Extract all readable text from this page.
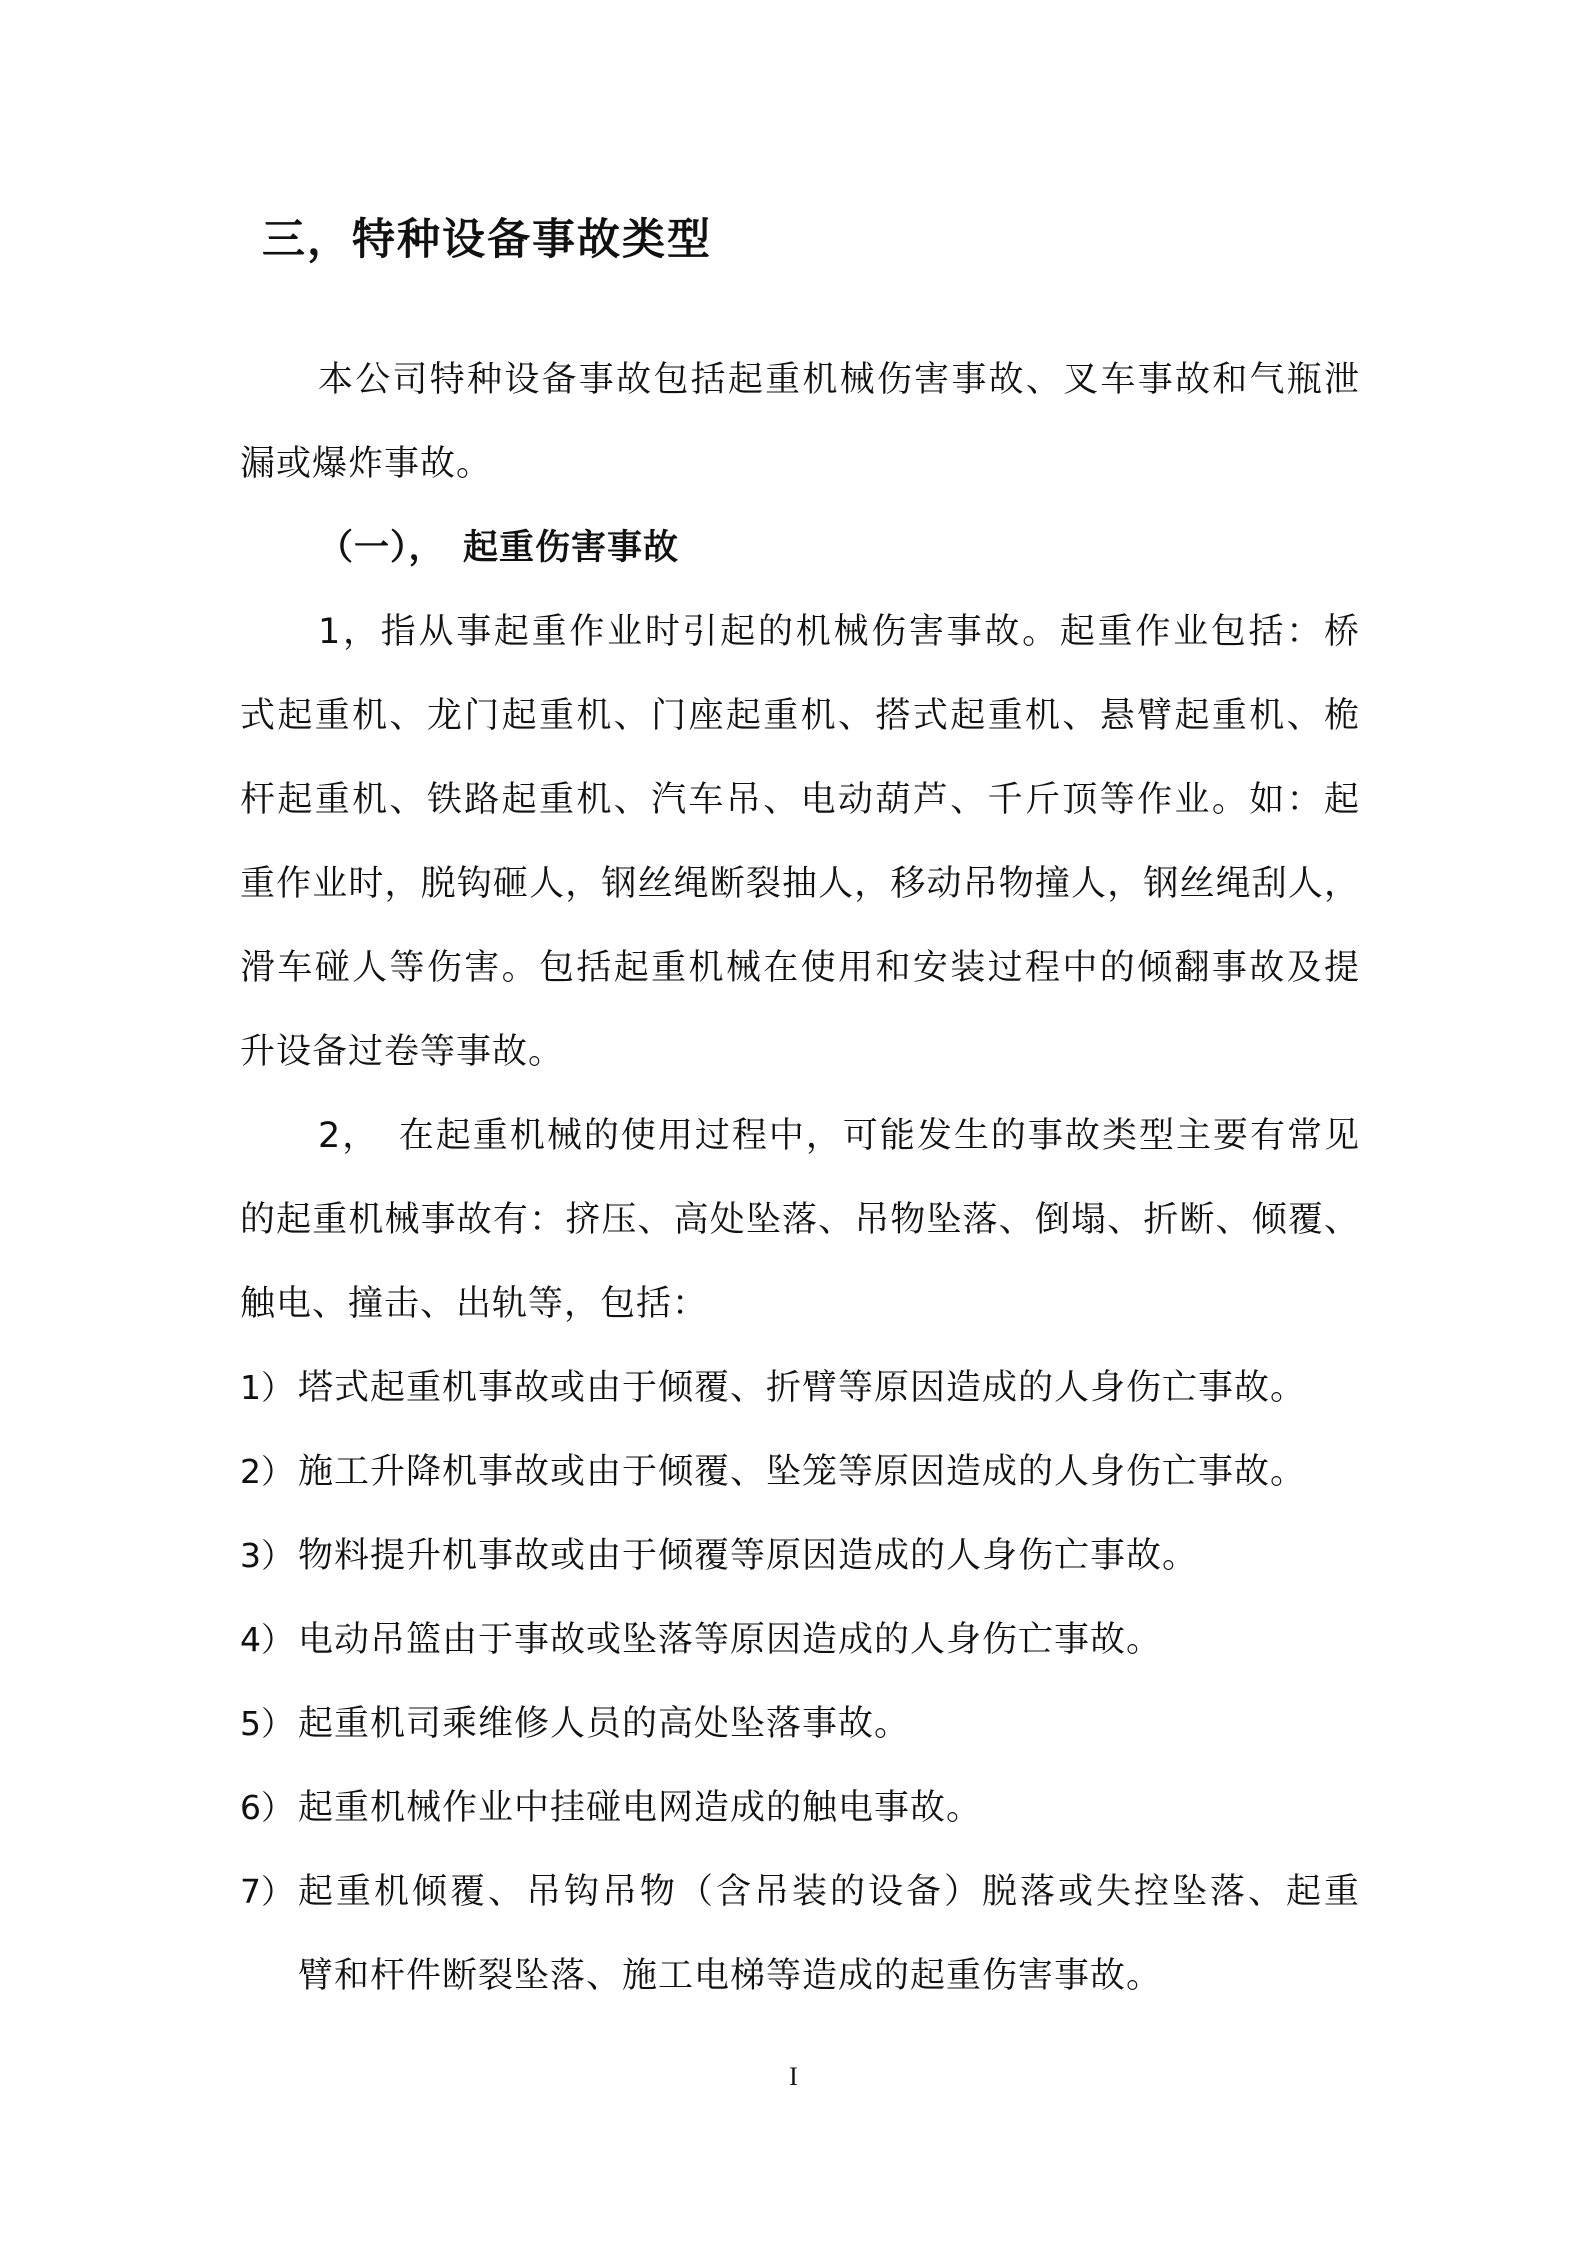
三，特种设备事故类型
本公司特种设备事故包括起重机械伤害事故、叉车事故和气瓶泄
漏或爆炸事故。
（一），　起重伤害事故
1，指从事起重作业时引起的机械伤害事故。起重作业包括：桥
式起重机、龙门起重机、门座起重机、搭式起重机、悬臂起重机、桅
杆起重机、铁路起重机、汽车吊、电动葫芦、千斤顶等作业。如：起
重作业时，脱钩砸人，钢丝绳断裂抽人，移动吊物撞人，钢丝绳刮人，
滑车碰人等伤害。包括起重机械在使用和安装过程中的倾翻事故及提
升设备过卷等事故。
2，　在起重机械的使用过程中，可能发生的事故类型主要有常见
的起重机械事故有：挤压、高处坠落、吊物坠落、倒塌、折断、倾覆、
触电、撞击、出轨等，包括：
1） 塔式起重机事故或由于倾覆、折臂等原因造成的人身伤亡事故。
2） 施工升降机事故或由于倾覆、坠笼等原因造成的人身伤亡事故。
3） 物料提升机事故或由于倾覆等原因造成的人身伤亡事故。
4） 电动吊篮由于事故或坠落等原因造成的人身伤亡事故。
5） 起重机司乘维修人员的高处坠落事故。
6） 起重机械作业中挂碰电网造成的触电事故。
7） 起重机倾覆、吊钩吊物（含吊装的设备）脱落或失控坠落、起重
臂和杆件断裂坠落、施工电梯等造成的起重伤害事故。
I
